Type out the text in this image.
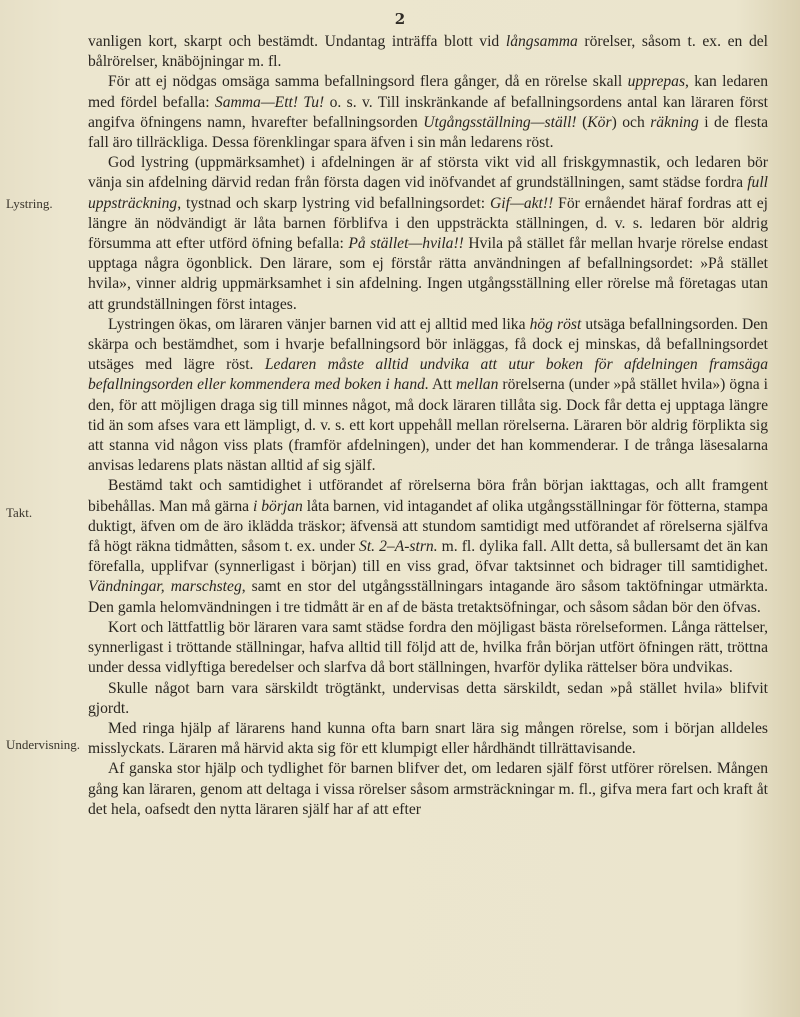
2
Lystring.
Takt.
Undervisning.

vanligen kort, skarpt och bestämdt. Undantag inträffa blott vid långsamma rörelser, såsom t. ex. en del bålrörelser, knäböjningar m. fl.

För att ej nödgas omsäga samma befallningsord flera gånger, då en rörelse skall upprepas, kan ledaren med fördel befalla: Samma—Ett! Tu! o. s. v. Till inskränkande af befallningsordens antal kan läraren först angifva öfningens namn, hvarefter befallningsorden Utgångsställning—ställ! (Kör) och räkning i de flesta fall äro tillräckliga. Dessa förenklingar spara äfven i sin mån ledarens röst.

God lystring (uppmärksamhet) i afdelningen är af största vikt vid all friskgymnastik, och ledaren bör vänja sin afdelning därvid redan från första dagen vid inöfvandet af grundställningen, samt städse fordra full uppsträckning, tystnad och skarp lystring vid befallningsordet: Gif—akt!! För ernåendet häraf fordras att ej längre än nödvändigt är låta barnen förblifva i den uppsträckta ställningen, d. v. s. ledaren bör aldrig försumma att efter utförd öfning befalla: På stället—hvila!! Hvila på stället får mellan hvarje rörelse endast upptaga några ögonblick. Den lärare, som ej förstår rätta användningen af befallningsordet: »På stället hvila», vinner aldrig uppmärksamhet i sin afdelning. Ingen utgångsställning eller rörelse må företagas utan att grundställningen först intages.

Lystringen ökas, om läraren vänjer barnen vid att ej alltid med lika hög röst utsäga befallningsorden. Den skärpa och bestämdhet, som i hvarje befallningsord bör inläggas, få dock ej minskas, då befallningsordet utsäges med lägre röst. Ledaren måste alltid undvika att utur boken för afdelningen framsäga befallningsorden eller kommendera med boken i hand. Att mellan rörelserna (under »på stället hvila») ögna i den, för att möjligen draga sig till minnes något, må dock läraren tillåta sig. Dock får detta ej upptaga längre tid än som afses vara ett lämpligt, d. v. s. ett kort uppehåll mellan rörelserna. Läraren bör aldrig förplikta sig att stanna vid någon viss plats (framför afdelningen), under det han kommenderar. I de trånga läsesalarna anvisas ledarens plats nästan alltid af sig själf.

Bestämd takt och samtidighet i utförandet af rörelserna böra från början iakttagas, och allt framgent bibehållas. Man må gärna i början låta barnen, vid intagandet af olika utgångsställningar för fötterna, stampa duktigt, äfven om de äro iklädda träskor; äfvensä att stundom samtidigt med utförandet af rörelserna själfva få högt räkna tidmåtten, såsom t. ex. under St. 2–A-strn. m. fl. dylika fall. Allt detta, så bullersamt det än kan förefalla, upplifvar (synnerligast i början) till en viss grad, öfvar taktsinnet och bidrager till samtidighet. Vändningar, marschsteg, samt en stor del utgångsställningars intagande äro såsom taktöfningar utmärkta. Den gamla helomvändningen i tre tidmått är en af de bästa tretaktsöfningar, och såsom sådan bör den öfvas.

Kort och lättfattlig bör läraren vara samt städse fordra den möjligast bästa rörelseformen. Långa rättelser, synnerligast i tröttande ställningar, hafva alltid till följd att de, hvilka från början utfört öfningen rätt, tröttna under dessa vidlyftiga beredelser och slarfva då bort ställningen, hvarför dylika rättelser böra undvikas.

Skulle något barn vara särskildt trögtänkt, undervisas detta särskildt, sedan »på stället hvila» blifvit gjordt.

Med ringa hjälp af lärarens hand kunna ofta barn snart lära sig mången rörelse, som i början alldeles misslyckats. Läraren må härvid akta sig för ett klumpigt eller hårdhändt tillrättavisande.

Af ganska stor hjälp och tydlighet för barnen blifver det, om ledaren själf först utförer rörelsen. Mången gång kan läraren, genom att deltaga i vissa rörelser såsom armsträckningar m. fl., gifva mera fart och kraft åt det hela, oafsedt den nytta läraren själf har af att efter
